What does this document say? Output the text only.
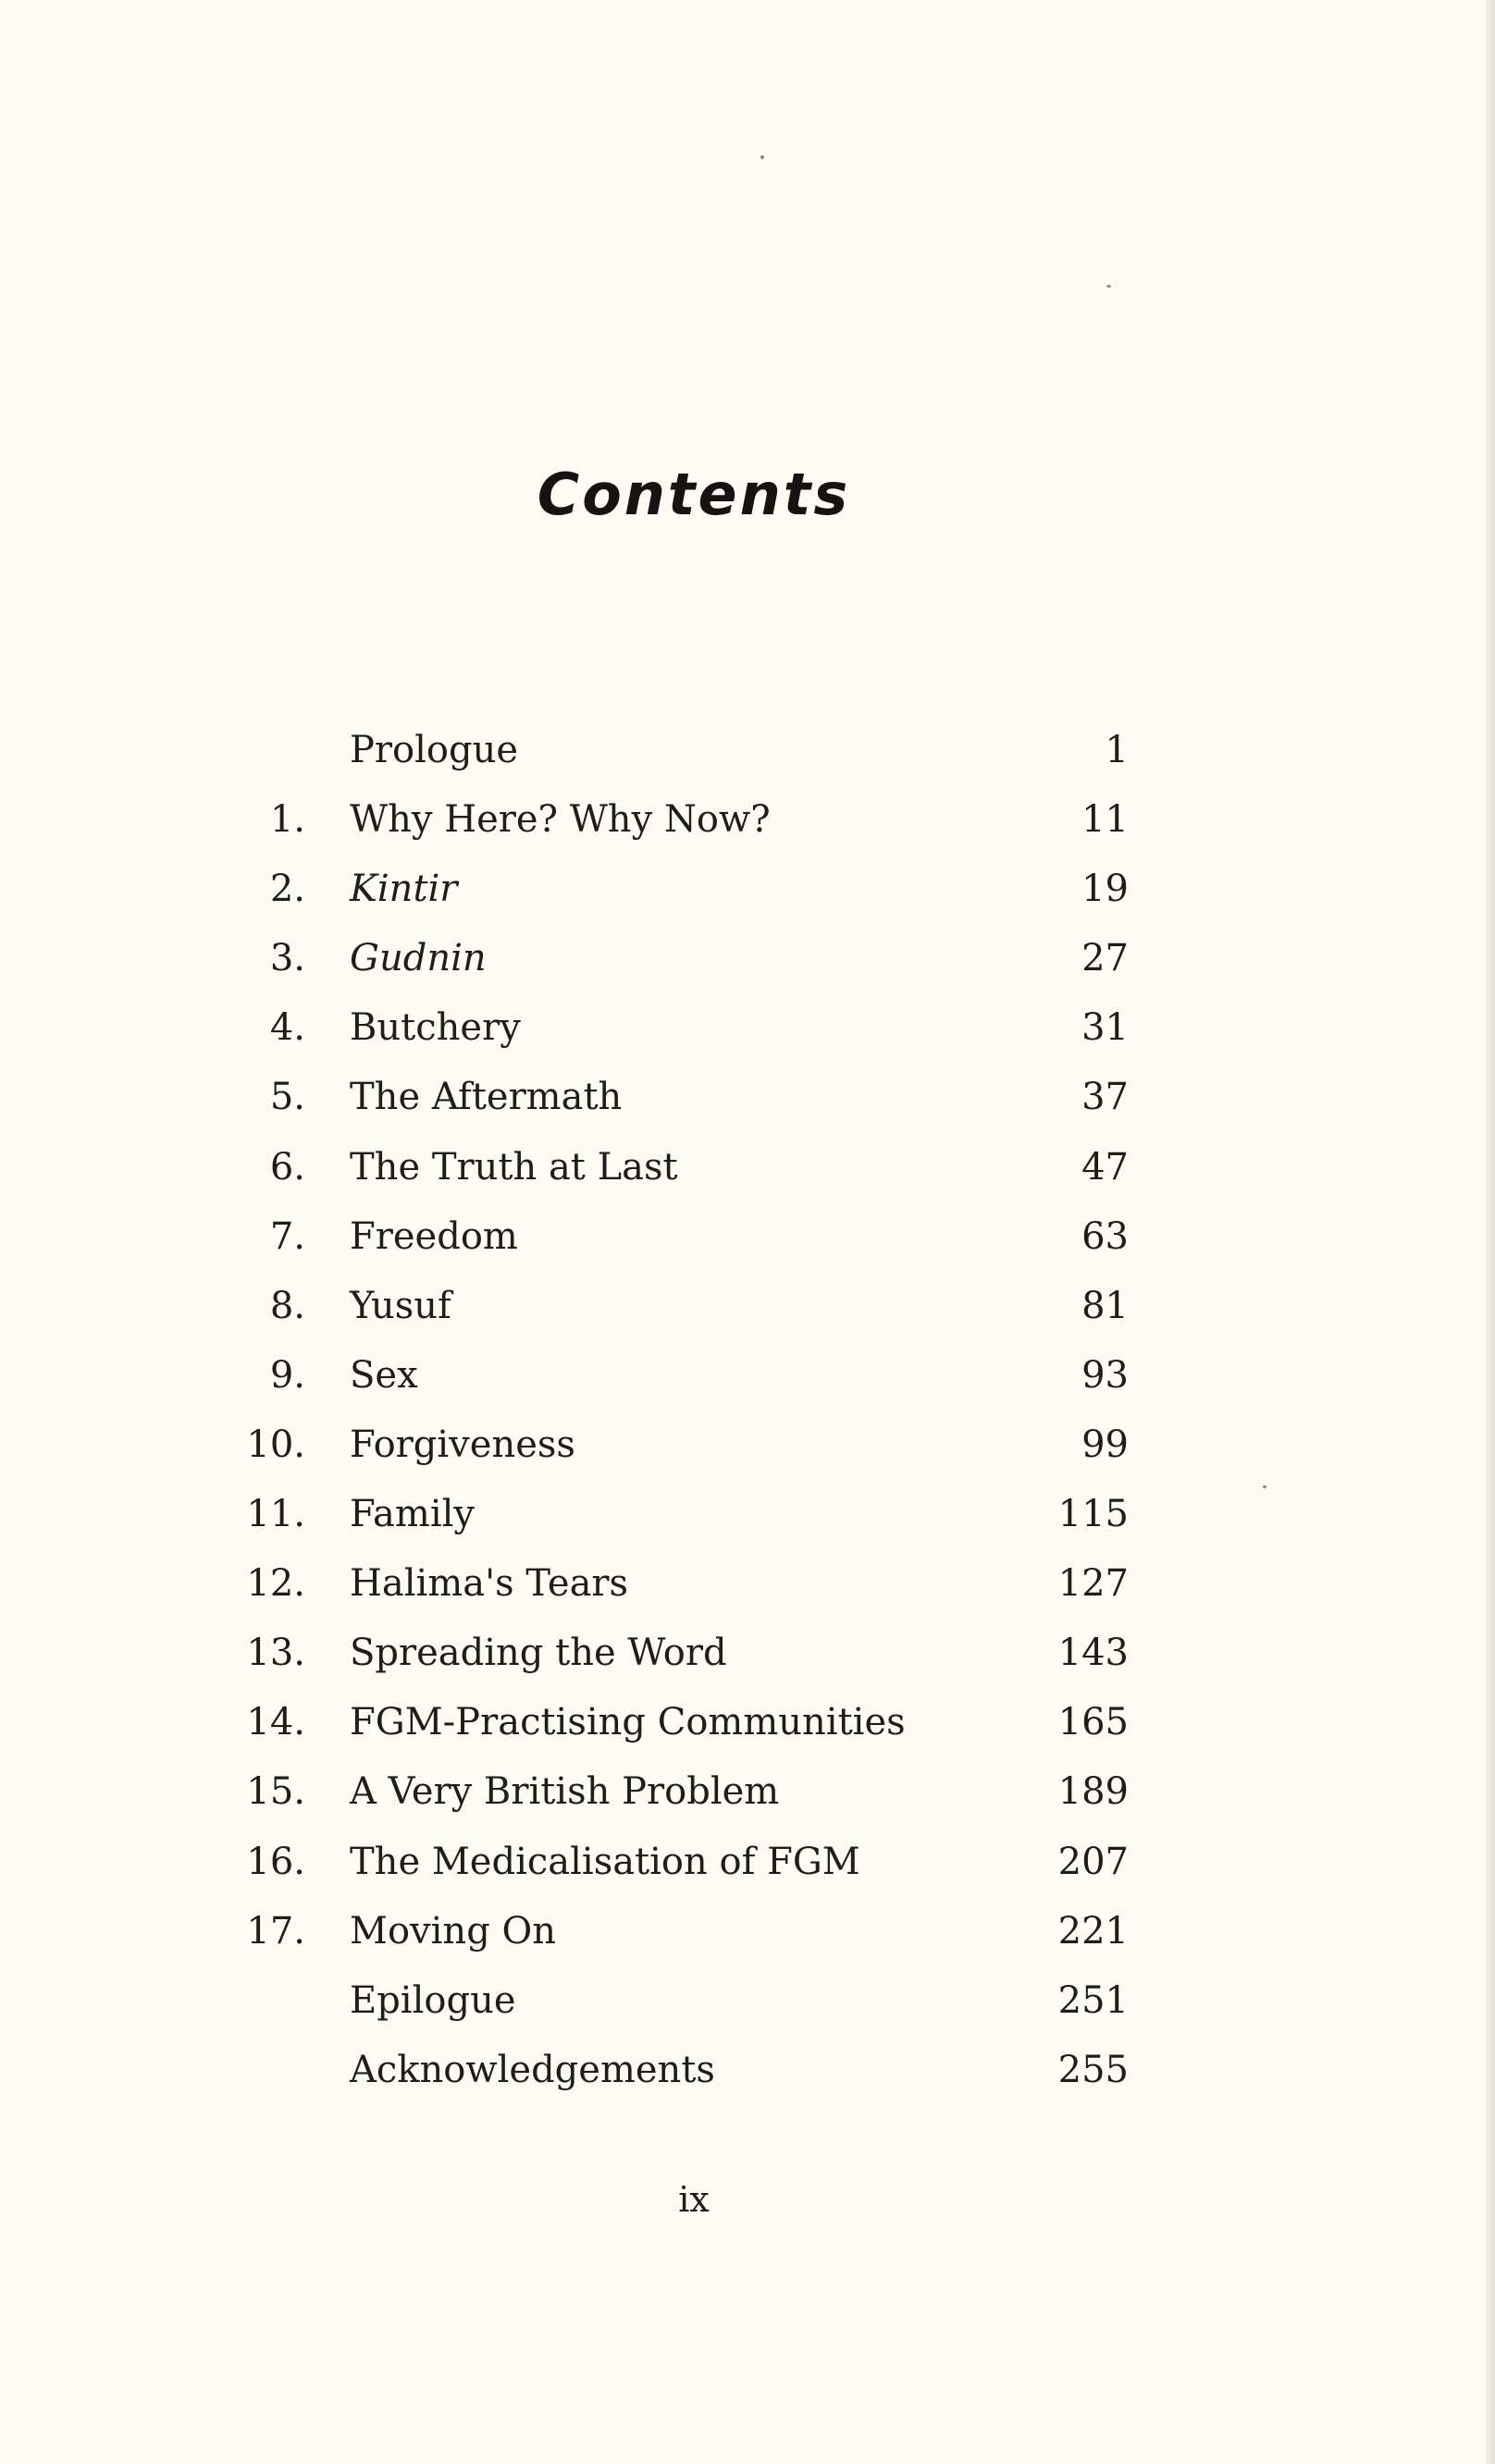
Contents
Prologue	1
1. Why Here? Why Now?	11
2. Kintir	19
3. Gudnin	27
4. Butchery	31
5. The Aftermath	37
6. The Truth at Last	47
7. Freedom	63
8. Yusuf	81
9. Sex	93
10. Forgiveness	99
11. Family	115
12. Halima's Tears	127
13. Spreading the Word	143
14. FGM-Practising Communities	165
15. A Very British Problem	189
16. The Medicalisation of FGM	207
17. Moving On	221
Epilogue	251
Acknowledgements	255
ix
